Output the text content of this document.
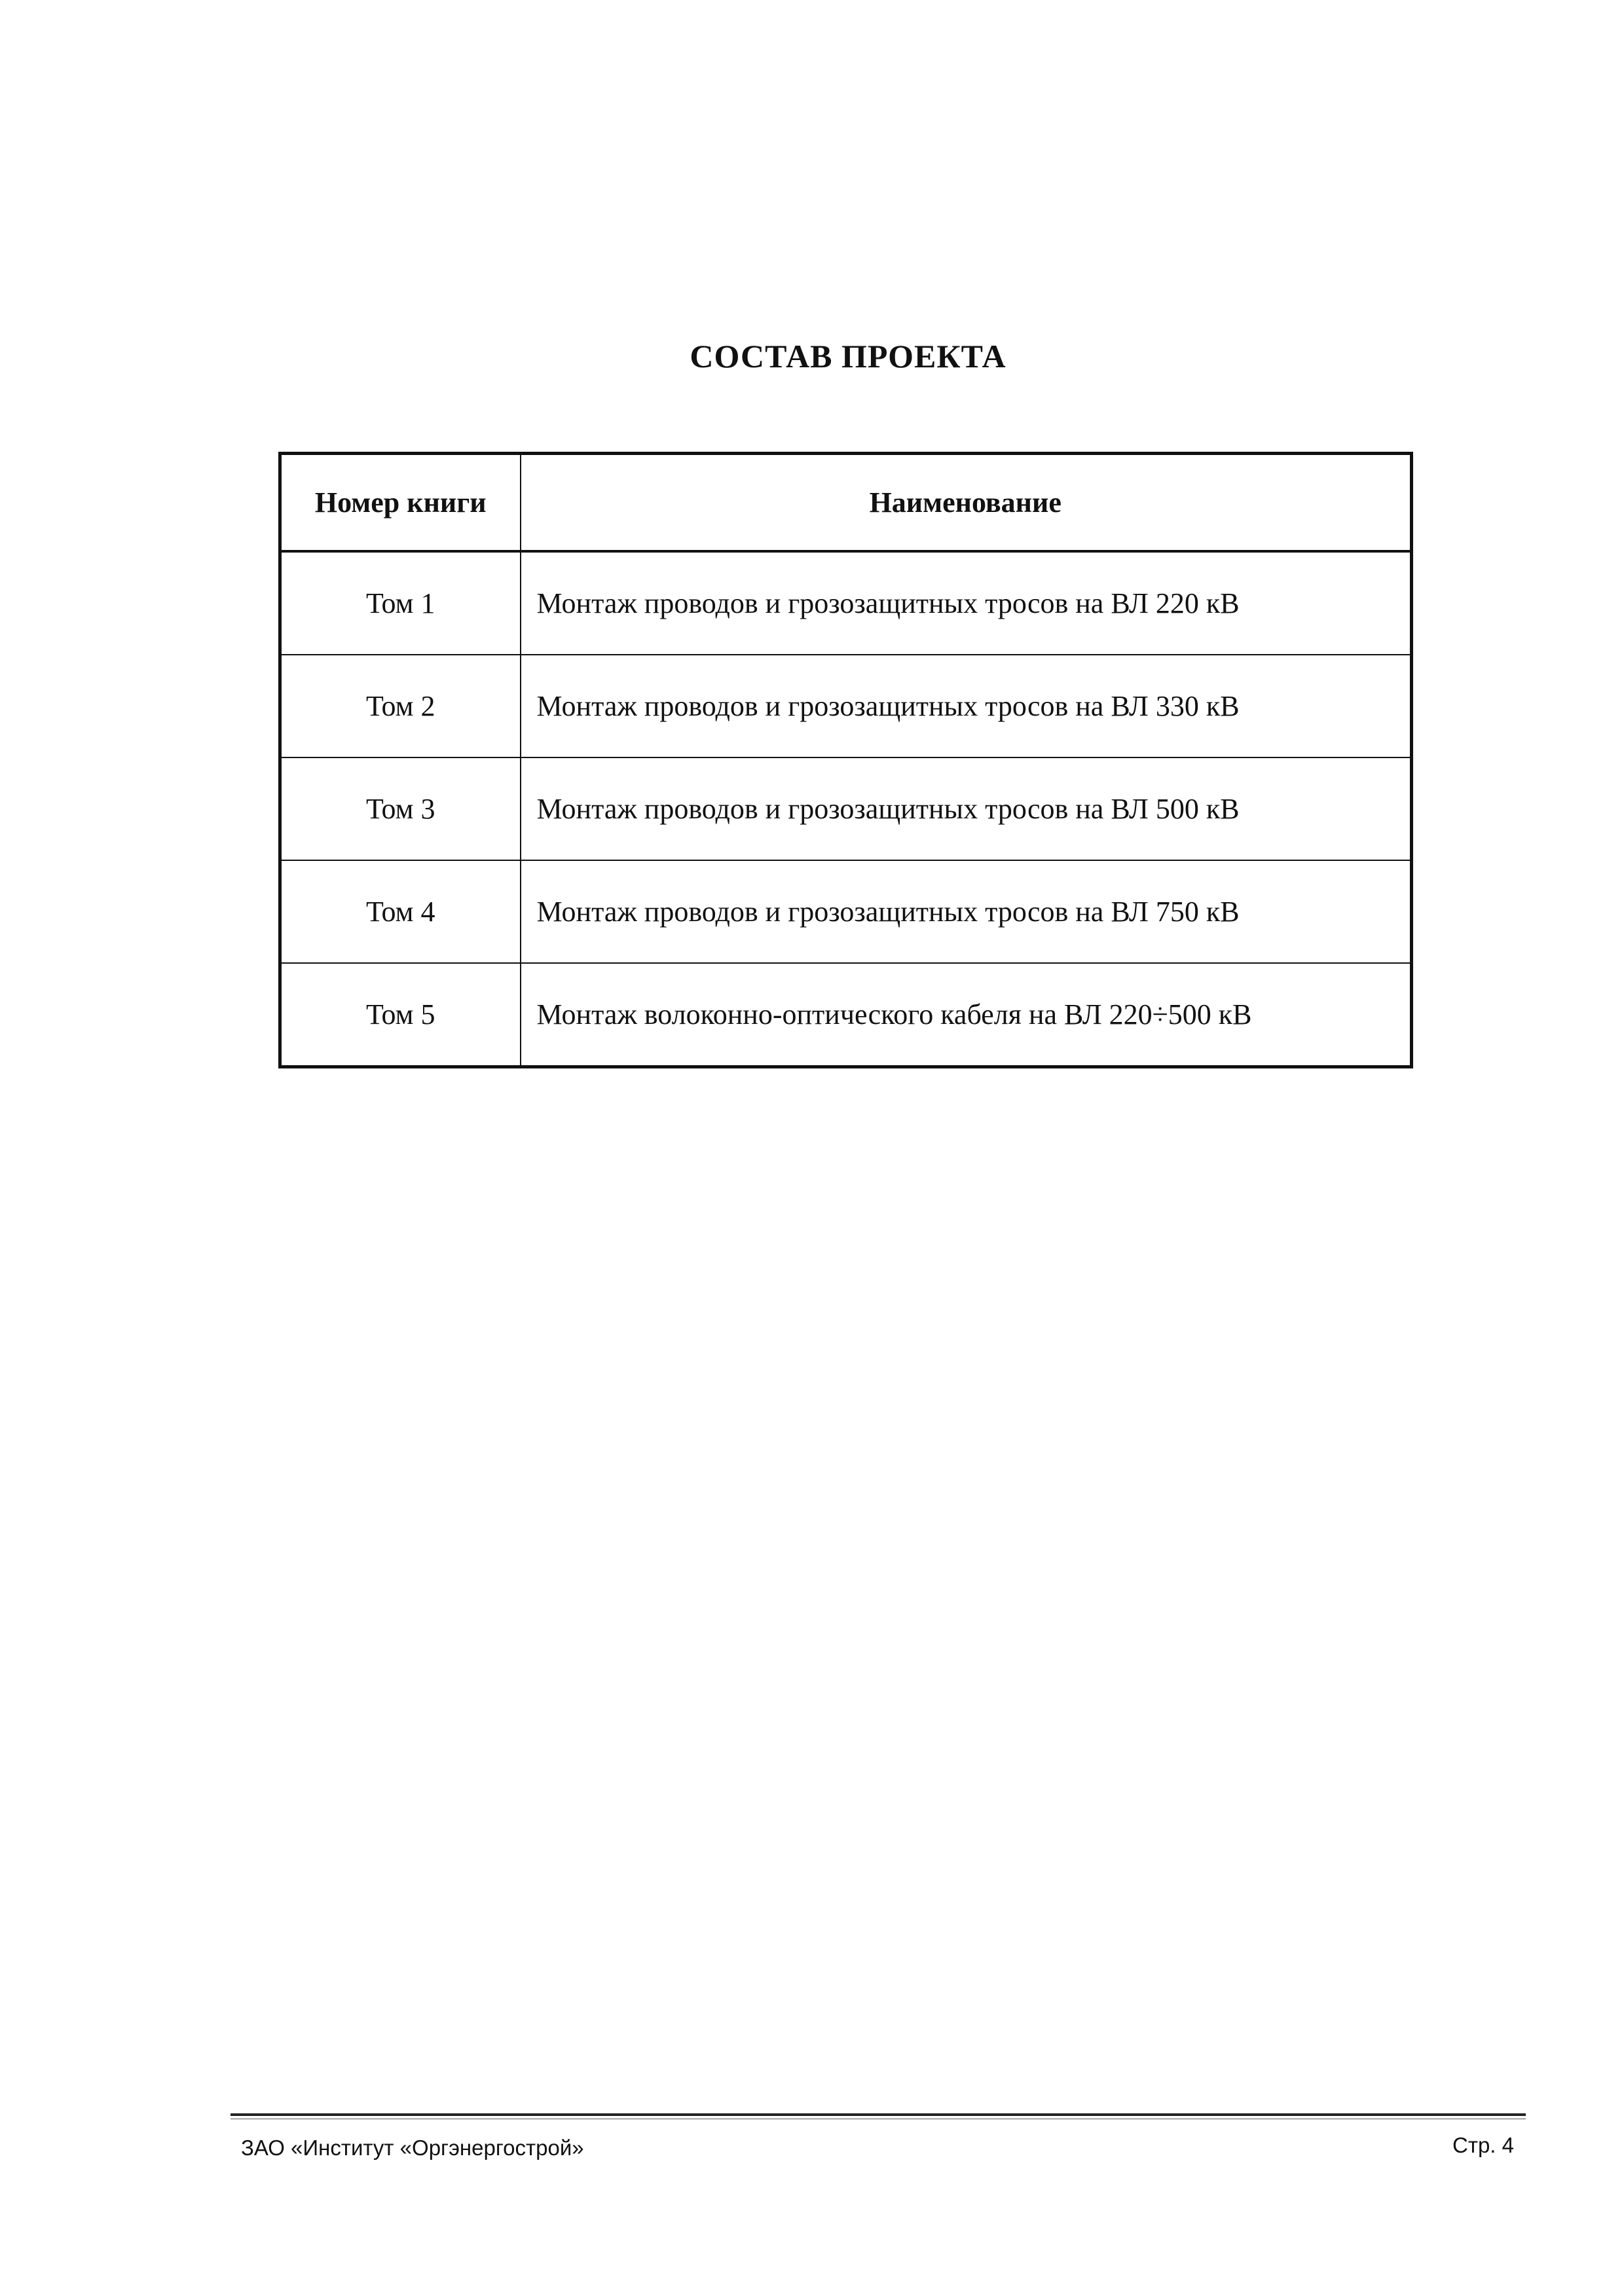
СОСТАВ ПРОЕКТА
Номер книги	Наименование
Том 1	Монтаж проводов и грозозащитных тросов на ВЛ 220 кВ
Том 2	Монтаж проводов и грозозащитных тросов на ВЛ 330 кВ
Том 3	Монтаж проводов и грозозащитных тросов на ВЛ 500 кВ
Том 4	Монтаж проводов и грозозащитных тросов на ВЛ 750 кВ
Том 5	Монтаж волоконно-оптического кабеля на ВЛ 220÷500 кВ
ЗАО «Институт «Оргэнергострой»	Стр. 4
